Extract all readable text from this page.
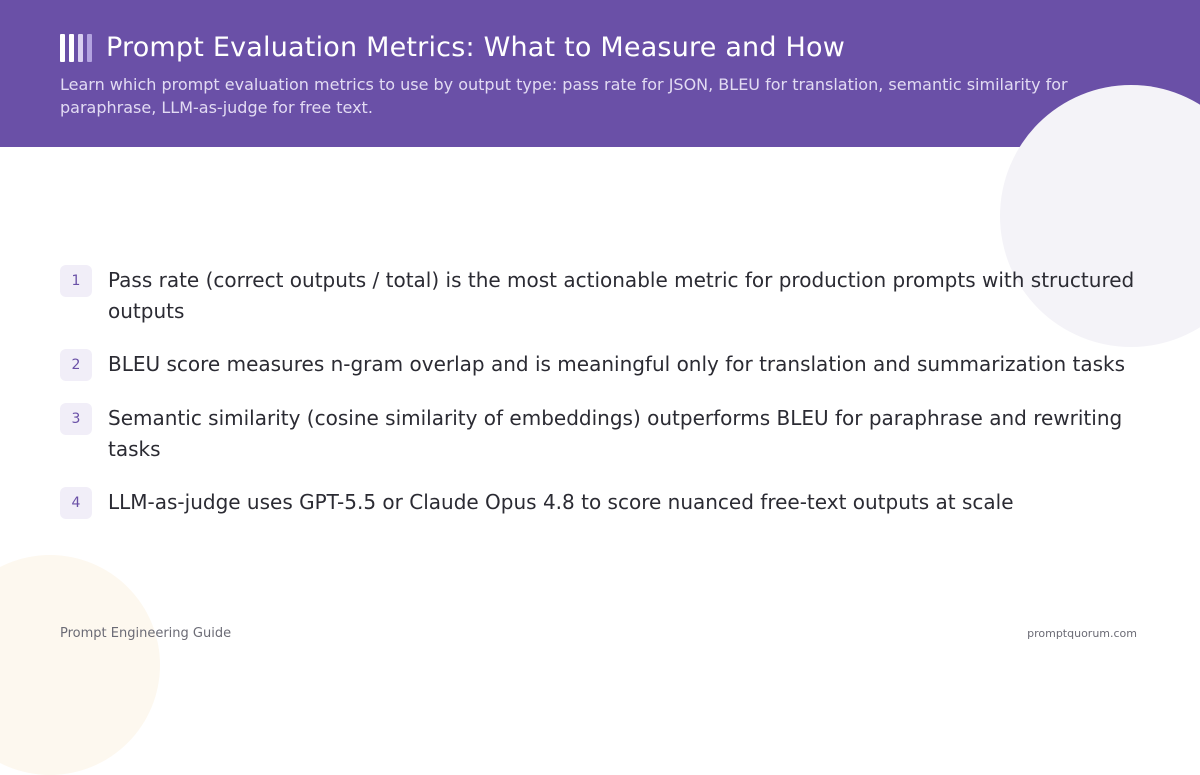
Prompt Evaluation Metrics: What to Measure and How
Learn which prompt evaluation metrics to use by output type: pass rate for JSON, BLEU for translation, semantic similarity for paraphrase, LLM-as-judge for free text.
1	Pass rate (correct outputs / total) is the most actionable metric for production prompts with structured outputs
2	BLEU score measures n-gram overlap and is meaningful only for translation and summarization tasks
3	Semantic similarity (cosine similarity of embeddings) outperforms BLEU for paraphrase and rewriting tasks
4	LLM-as-judge uses GPT-5.5 or Claude Opus 4.8 to score nuanced free-text outputs at scale
Prompt Engineering Guide	promptquorum.com
